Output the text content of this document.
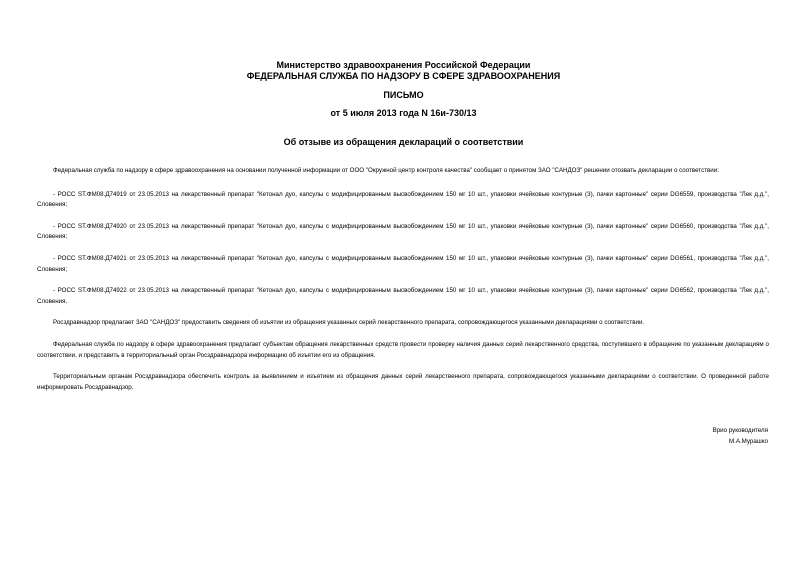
Министерство здравоохранения Российской Федерации
ФЕДЕРАЛЬНАЯ СЛУЖБА ПО НАДЗОРУ В СФЕРЕ ЗДРАВООХРАНЕНИЯ
ПИСЬМО
от 5 июля 2013 года N 16и-730/13
Об отзыве из обращения деклараций о соответствии

Федеральная служба по надзору в сфере здравоохранения на основании полученной информации от ООО "Окружной центр контроля качества" сообщает о принятом ЗАО "САНДОЗ" решении отозвать декларации о соответствии:

- РОСС ST.ФМ08.Д74919 от 23.05.2013 на лекарственный препарат "Кетонал дуо, капсулы с модифицированным высвобождением 150 мг 10 шт., упаковки ячейковые контурные (3), пачки картонные" серии DG6559, производства "Лек д.д.", Словения;

- РОСС ST.ФМ08.Д74920 от 23.05.2013 на лекарственный препарат "Кетонал дуо, капсулы с модифицированным высвобождением 150 мг 10 шт., упаковки ячейковые контурные (3), пачки картонные" серии DG6560, производства "Лек д.д.", Словения;

- РОСС ST.ФМ08.Д74921 от 23.05.2013 на лекарственный препарат "Кетонал дуо, капсулы с модифицированным высвобождением 150 мг 10 шт., упаковки ячейковые контурные (3), пачки картонные" серии DG6561, производства "Лек д.д.", Словения;

- РОСС ST.ФМ08.Д74922 от 23.05.2013 на лекарственный препарат "Кетонал дуо, капсулы с модифицированным высвобождением 150 мг 10 шт., упаковки ячейковые контурные (3), пачки картонные" серии DG6562, производства "Лек д.д.", Словения.

Росздравнадзор предлагает ЗАО "САНДОЗ" предоставить сведения об изъятии из обращения указанных серий лекарственного препарата, сопровождающегося указанными декларациями о соответствии.

Федеральная служба по надзору в сфере здравоохранения предлагает субъектам обращения лекарственных средств провести проверку наличия данных серий лекарственного средства, поступившего в обращение по указанным декларациям о соответствии, и представить в территориальный орган Росздравнадзора информацию об изъятии его из обращения.

Территориальным органам Росздравнадзора обеспечить контроль за выявлением и изъятием из обращения данных серий лекарственного препарата, сопровождающегося указанными декларациями о соответствии. О проведенной работе информировать Росздравнадзор.

Врио руководителя
М.А.Мурашко
